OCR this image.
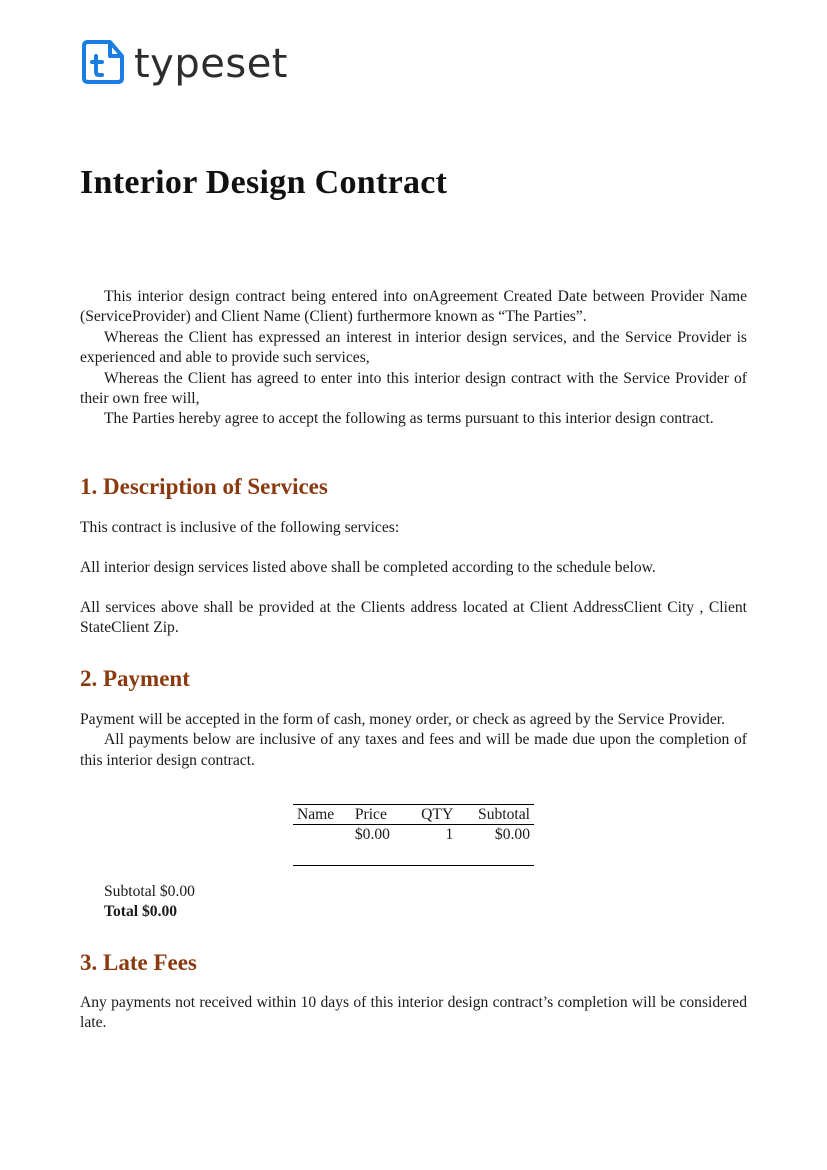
typeset
Interior Design Contract

This interior design contract being entered into onAgreement Created Date between Provider Name (ServiceProvider) and Client Name (Client) furthermore known as “The Parties”.

Whereas the Client has expressed an interest in interior design services, and the Service Provider is experienced and able to provide such services,

Whereas the Client has agreed to enter into this interior design contract with the Service Provider of their own free will,

The Parties hereby agree to accept the following as terms pursuant to this interior design contract.

1. Description of Services

This contract is inclusive of the following services:

All interior design services listed above shall be completed according to the schedule below.

All services above shall be provided at the Clients address located at Client AddressClient City , Client StateClient Zip.

2. Payment

Payment will be accepted in the form of cash, money order, or check as agreed by the Service Provider.

All payments below are inclusive of any taxes and fees and will be made due upon the completion of this interior design contract.

Name	Price	QTY	Subtotal
	$0.00	1	$0.00

Subtotal $0.00
Total $0.00
3. Late Fees

Any payments not received within 10 days of this interior design contract’s completion will be considered late.
